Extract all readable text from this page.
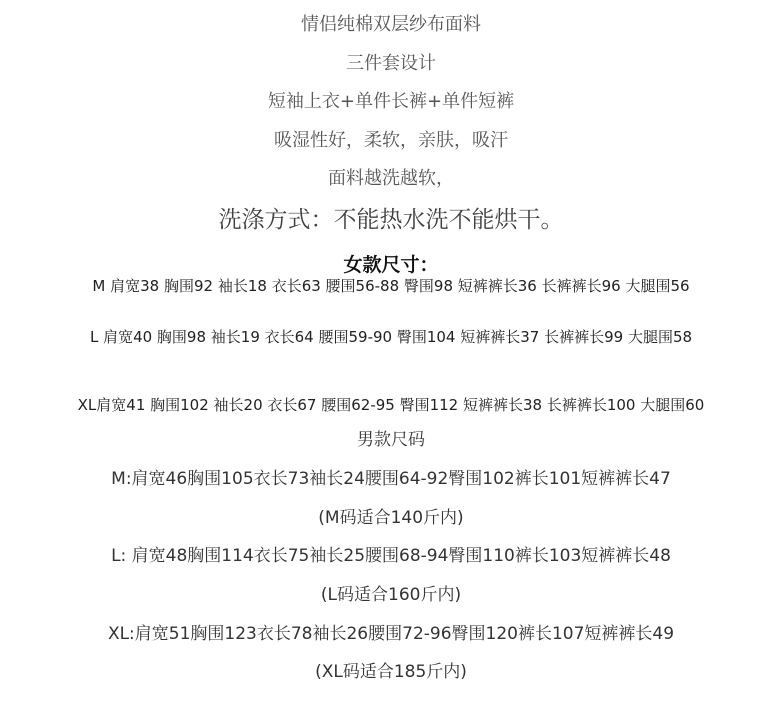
情侣纯棉双层纱布面料
三件套设计
短袖上衣+单件长裤+单件短裤
吸湿性好，柔软，亲肤，吸汗
面料越洗越软，
洗涤方式：不能热水洗不能烘干。
女款尺寸：
M 肩宽38 胸围92 袖长18 衣长63 腰围56-88 臀围98 短裤裤长36 长裤裤长96 大腿围56
L 肩宽40 胸围98 袖长19 衣长64 腰围59-90 臀围104 短裤裤长37 长裤裤长99 大腿围58
XL肩宽41 胸围102 袖长20 衣长67 腰围62-95 臀围112 短裤裤长38 长裤裤长100 大腿围60
男款尺码
M:肩宽46胸围105衣长73袖长24腰围64-92臀围102裤长101短裤裤长47
(M码适合140斤内)
L: 肩宽48胸围114衣长75袖长25腰围68-94臀围110裤长103短裤裤长48
(L码适合160斤内)
XL:肩宽51胸围123衣长78袖长26腰围72-96臀围120裤长107短裤裤长49
(XL码适合185斤内)
